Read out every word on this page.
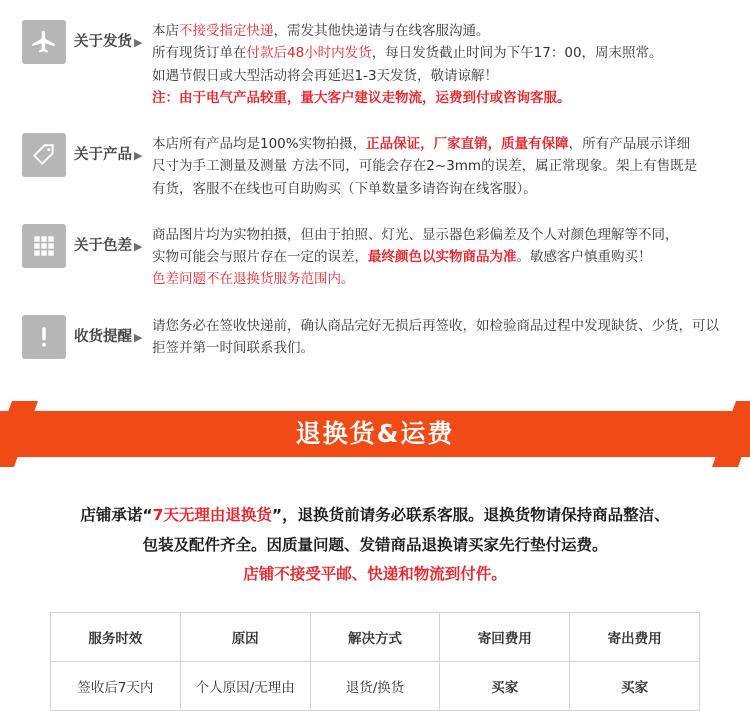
关于发货 ▶

本店不接受指定快递，需发其他快递请与在线客服沟通。

所有现货订单在付款后48小时内发货，每日发货截止时间为下午17：00，周末照常。

如遇节假日或大型活动将会再延迟1-3天发货，敬请谅解！

注：由于电气产品较重，量大客户建议走物流，运费到付或咨询客服。

关于产品 ▶

本店所有产品均是100%实物拍摄，正品保证，厂家直销，质量有保障，所有产品展示详细

尺寸为手工测量及测量 方法不同，可能会存在2~3mm的误差，属正常现象。架上有售既是

有货，客服不在线也可自助购买（下单数量多请咨询在线客服）。

关于色差 ▶

商品图片均为实物拍摄，但由于拍照、灯光、显示器色彩偏差及个人对颜色理解等不同，

实物可能会与照片存在一定的误差，最终颜色以实物商品为准。敏感客户慎重购买！

色差问题不在退换货服务范围内。

收货提醒 ▶

请您务必在签收快递前，确认商品完好无损后再签收，如检验商品过程中发现缺货、少货，可以

拒签并第一时间联系我们。

退换货&运费
店铺承诺“7天无理由退换货”，退换货前请务必联系客服。退换货物请保持商品整洁、
包装及配件齐全。因质量问题、发错商品退换请买家先行垫付运费。
店铺不接受平邮、快递和物流到付件。
服务时效	原因	解决方式	寄回费用	寄出费用
签收后7天内	个人原因/无理由	退货/换货	买家	买家
